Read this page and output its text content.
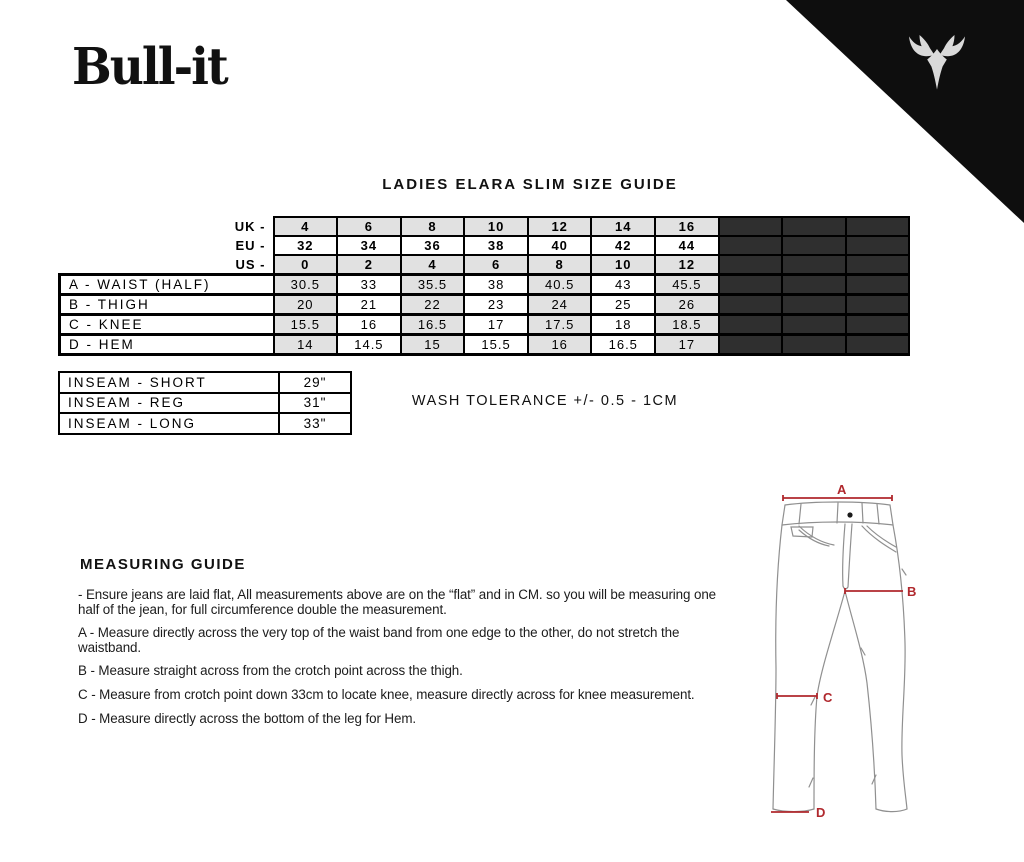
Bull-it
LADIES ELARA SLIM SIZE GUIDE
UK -	4	6	8	10	12	14	16			
EU -	32	34	36	38	40	42	44			
US -	0	2	4	6	8	10	12			
A - WAIST (HALF)	30.5	33	35.5	38	40.5	43	45.5			
B - THIGH	20	21	22	23	24	25	26			
C - KNEE	15.5	16	16.5	17	17.5	18	18.5			
D - HEM	14	14.5	15	15.5	16	16.5	17			
INSEAM - SHORT	29"
INSEAM - REG	31"
INSEAM - LONG	33"
WASH TOLERANCE +/- 0.5 - 1CM
MEASURING GUIDE
- Ensure jeans are laid flat, All measurements above are on the “flat” and in CM. so you will be measuring one half of the jean, for full circumference double the measurement.
A - Measure directly across the very top of the waist band from one edge to the other, do not stretch the waistband.
B - Measure straight across from the crotch point across the thigh.
C - Measure from crotch point down 33cm to locate knee, measure directly across for knee measurement.
D - Measure directly across the bottom of the leg for Hem.
A
B
C
D
